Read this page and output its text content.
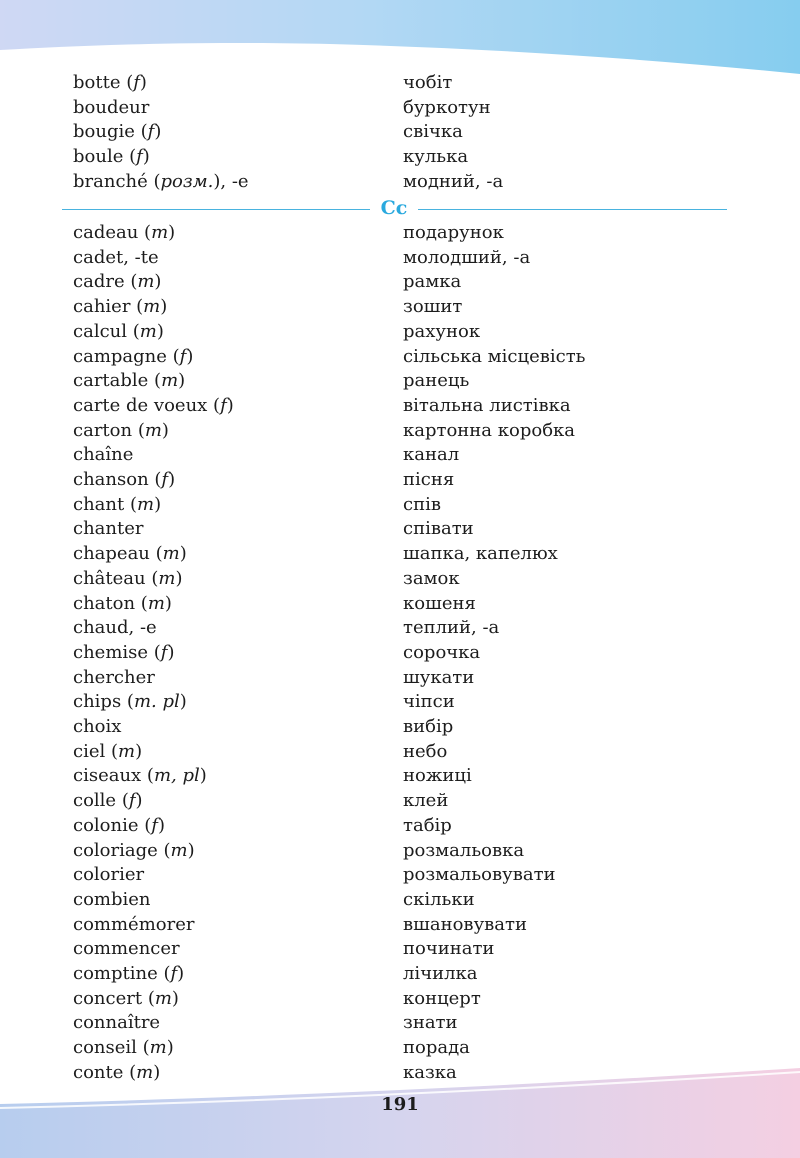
Cc
botte (f)	чобіт
boudeur	буркотун
bougie (f)	свічка
boule (f)	кулька
branché (розм.), -e	модний, -а
cadeau (m)	подарунок
cadet, -te	молодший, -а
cadre (m)	рамка
cahier (m)	зошит
calcul (m)	рахунок
campagne (f)	сільська місцевість
cartable (m)	ранець
carte de voeux (f)	вітальна листівка
carton (m)	картонна коробка
chaîne	канал
chanson (f)	пісня
chant (m)	спів
chanter	співати
chapeau (m)	шапка, капелюх
château (m)	замок
chaton (m)	кошеня
chaud, -e	теплий, -а
chemise (f)	сорочка
chercher	шукати
chips (m. pl)	чіпси
choix	вибір
ciel (m)	небо
ciseaux (m, pl)	ножиці
colle (f)	клей
colonie (f)	табір
coloriage (m)	розмальовка
colorier	розмальовувати
combien	скільки
commémorer	вшановувати
commencer	починати
comptine (f)	лічилка
concert (m)	концерт
connaître	знати
conseil (m)	порада
conte (m)	казка
191
